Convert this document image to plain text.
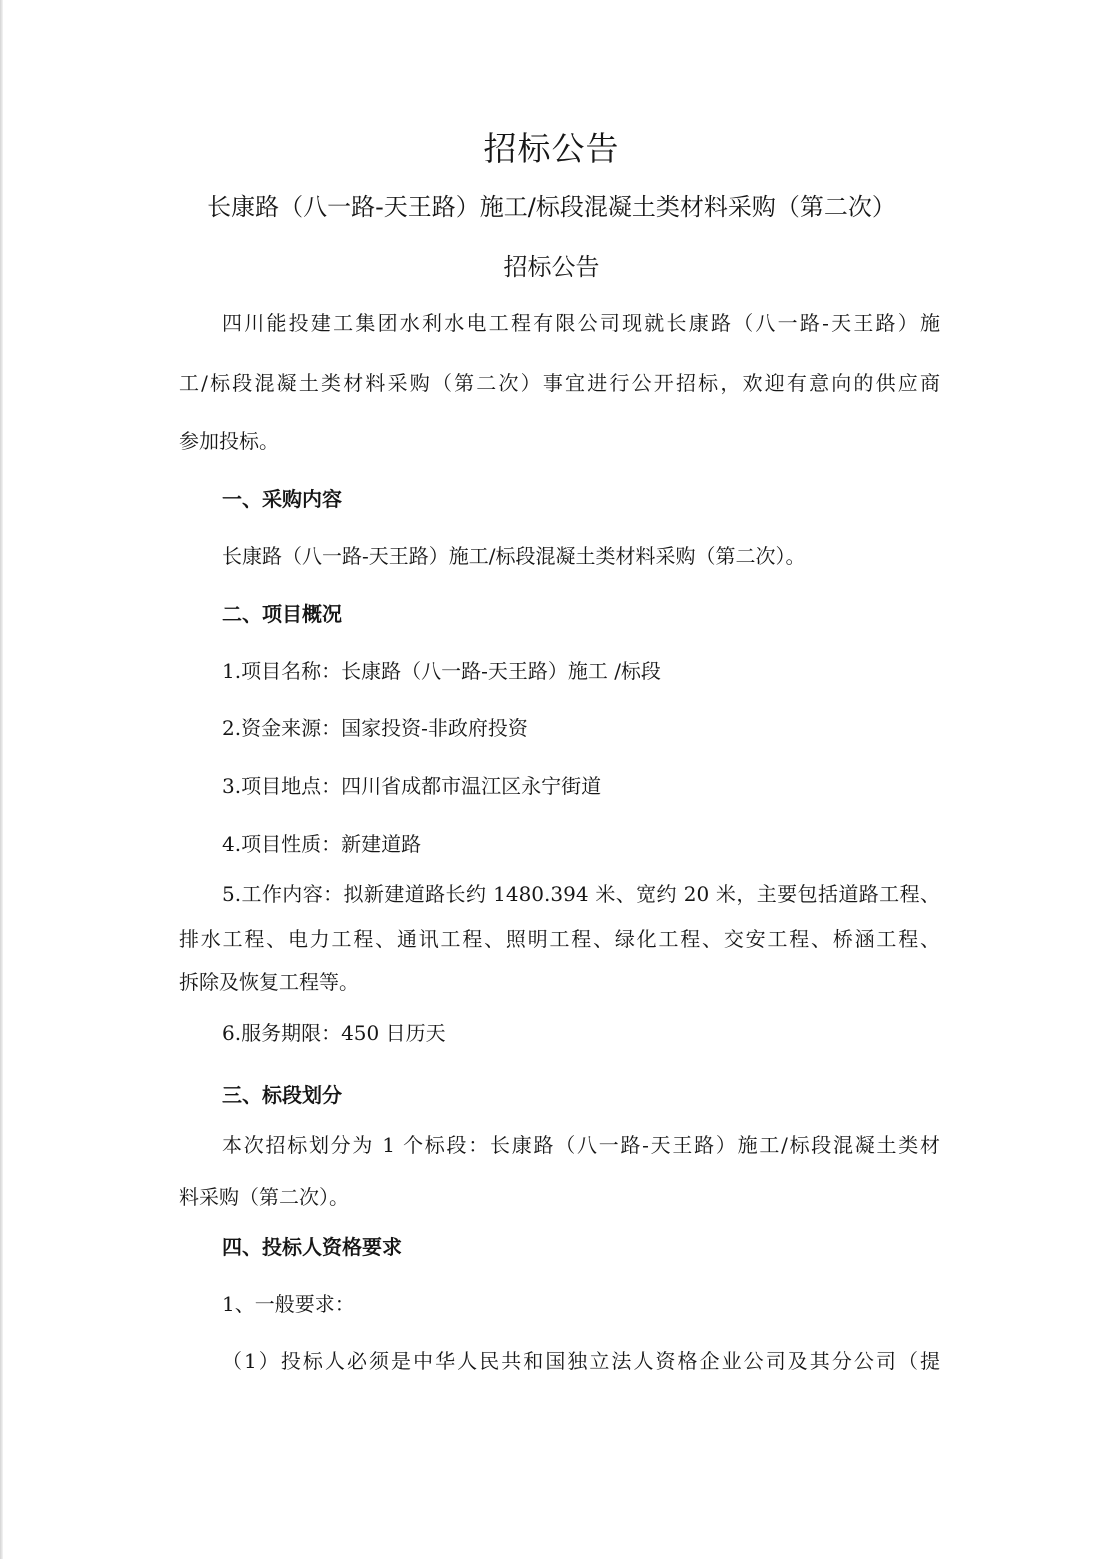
招标公告
长康路（八一路-天王路）施工/标段混凝土类材料采购（第二次）
招标公告
四川能投建工集团水利水电工程有限公司现就长康路（八一路-天王路）施
工/标段混凝土类材料采购（第二次）事宜进行公开招标，欢迎有意向的供应商
参加投标。
一、采购内容
长康路（八一路-天王路）施工/标段混凝土类材料采购（第二次）。
二、项目概况
1.项目名称：长康路（八一路-天王路）施工 /标段
2.资金来源：国家投资-非政府投资
3.项目地点：四川省成都市温江区永宁街道
4.项目性质：新建道路
5.工作内容：拟新建道路长约 1480.394 米、宽约 20 米，主要包括道路工程、
排水工程、电力工程、通讯工程、照明工程、绿化工程、交安工程、桥涵工程、
拆除及恢复工程等。
6.服务期限：450 日历天
三、标段划分
本次招标划分为 1 个标段：长康路（八一路-天王路）施工/标段混凝土类材
料采购（第二次）。
四、投标人资格要求
1、一般要求：
（1）投标人必须是中华人民共和国独立法人资格企业公司及其分公司（提
